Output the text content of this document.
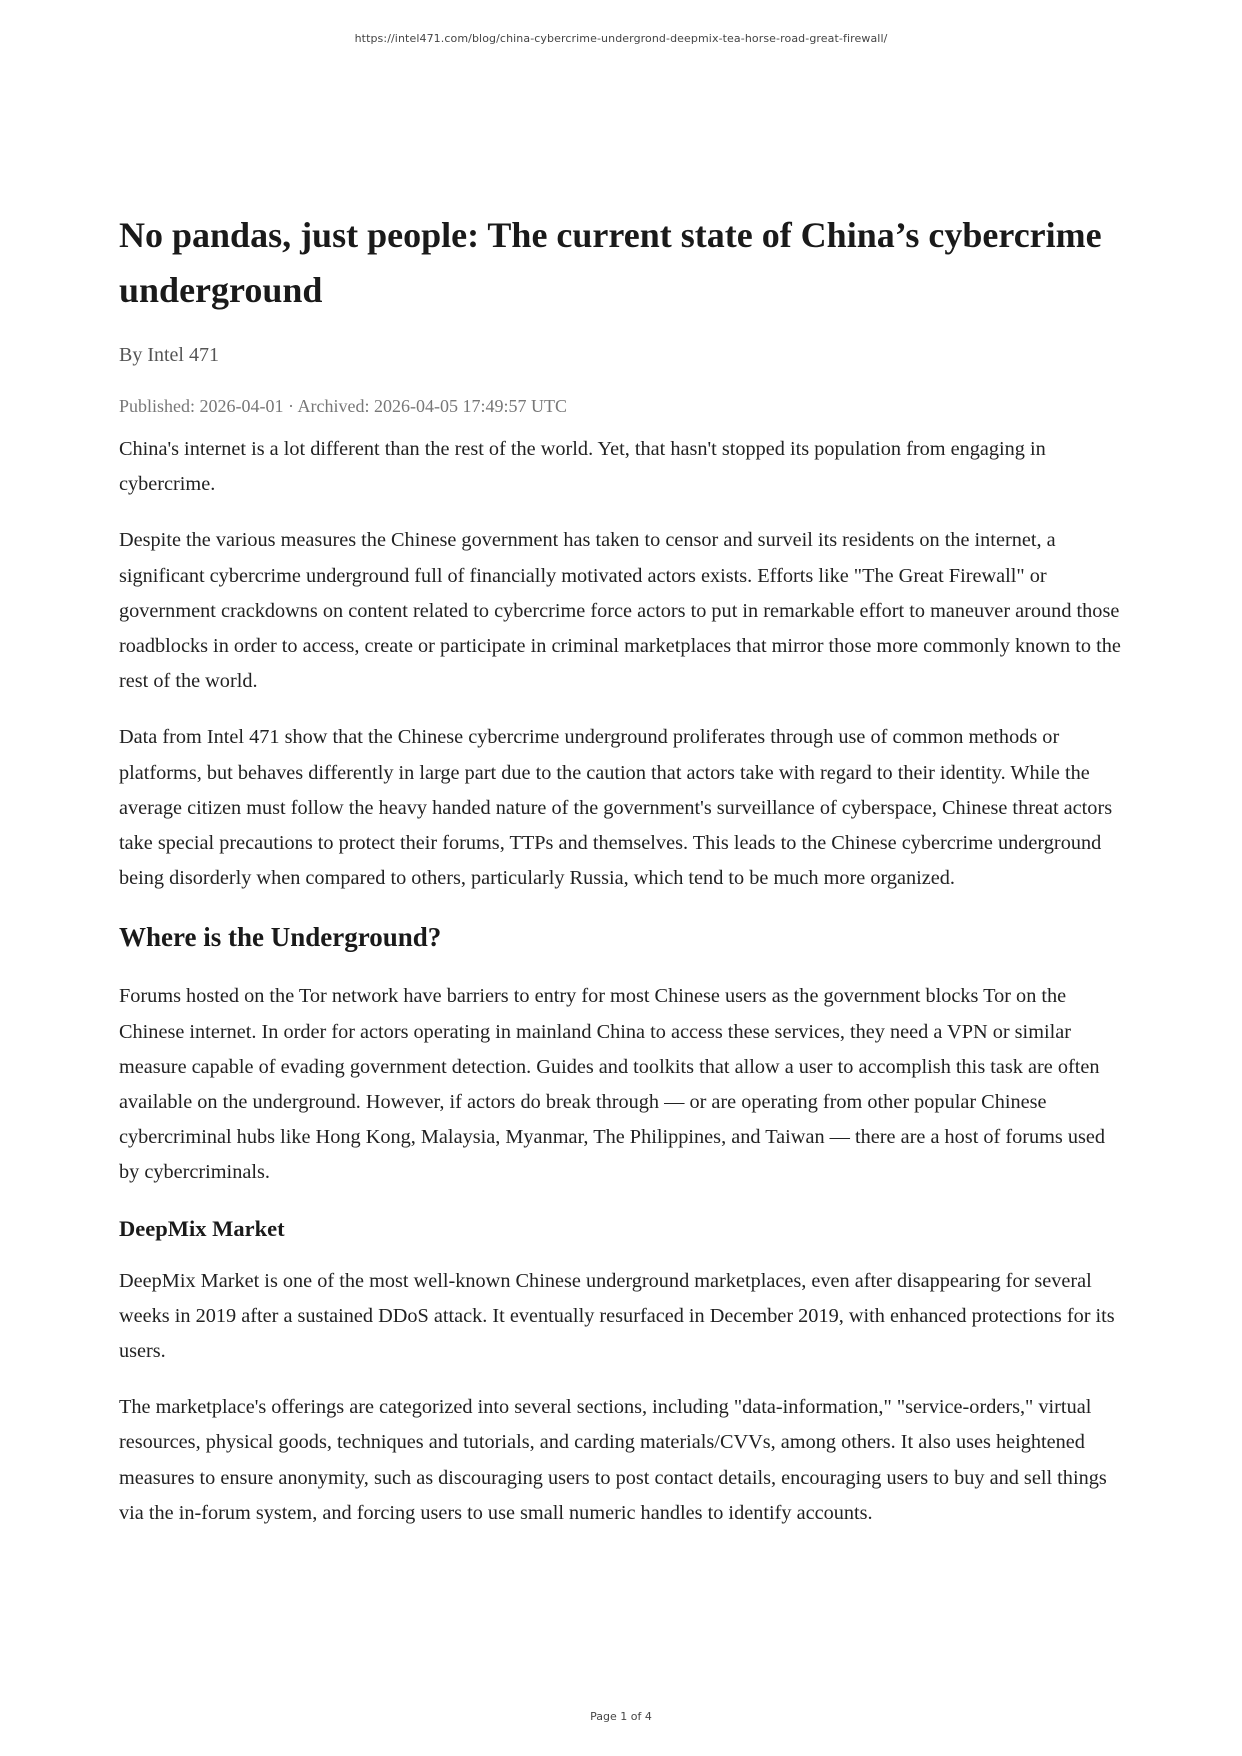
https://intel471.com/blog/china-cybercrime-undergrond-deepmix-tea-horse-road-great-firewall/
No pandas, just people: The current state of China’s cybercrime underground
By Intel 471
Published: 2026-04-01 · Archived: 2026-04-05 17:49:57 UTC

China's internet is a lot different than the rest of the world. Yet, that hasn't stopped its population from engaging in cybercrime.

Despite the various measures the Chinese government has taken to censor and surveil its residents on the internet, a significant cybercrime underground full of financially motivated actors exists. Efforts like "The Great Firewall" or government crackdowns on content related to cybercrime force actors to put in remarkable effort to maneuver around those roadblocks in order to access, create or participate in criminal marketplaces that mirror those more commonly known to the rest of the world.

Data from Intel 471 show that the Chinese cybercrime underground proliferates through use of common methods or platforms, but behaves differently in large part due to the caution that actors take with regard to their identity. While the average citizen must follow the heavy handed nature of the government's surveillance of cyberspace, Chinese threat actors take special precautions to protect their forums, TTPs and themselves. This leads to the Chinese cybercrime underground being disorderly when compared to others, particularly Russia, which tend to be much more organized.

Where is the Underground?

Forums hosted on the Tor network have barriers to entry for most Chinese users as the government blocks Tor on the Chinese internet. In order for actors operating in mainland China to access these services, they need a VPN or similar measure capable of evading government detection. Guides and toolkits that allow a user to accomplish this task are often available on the underground. However, if actors do break through — or are operating from other popular Chinese cybercriminal hubs like Hong Kong, Malaysia, Myanmar, The Philippines, and Taiwan — there are a host of forums used by cybercriminals.

DeepMix Market

DeepMix Market is one of the most well-known Chinese underground marketplaces, even after disappearing for several weeks in 2019 after a sustained DDoS attack. It eventually resurfaced in December 2019, with enhanced protections for its users.

The marketplace's offerings are categorized into several sections, including "data-information," "service-orders," virtual resources, physical goods, techniques and tutorials, and carding materials/CVVs, among others. It also uses heightened measures to ensure anonymity, such as discouraging users to post contact details, encouraging users to buy and sell things via the in-forum system, and forcing users to use small numeric handles to identify accounts.

Page 1 of 4
